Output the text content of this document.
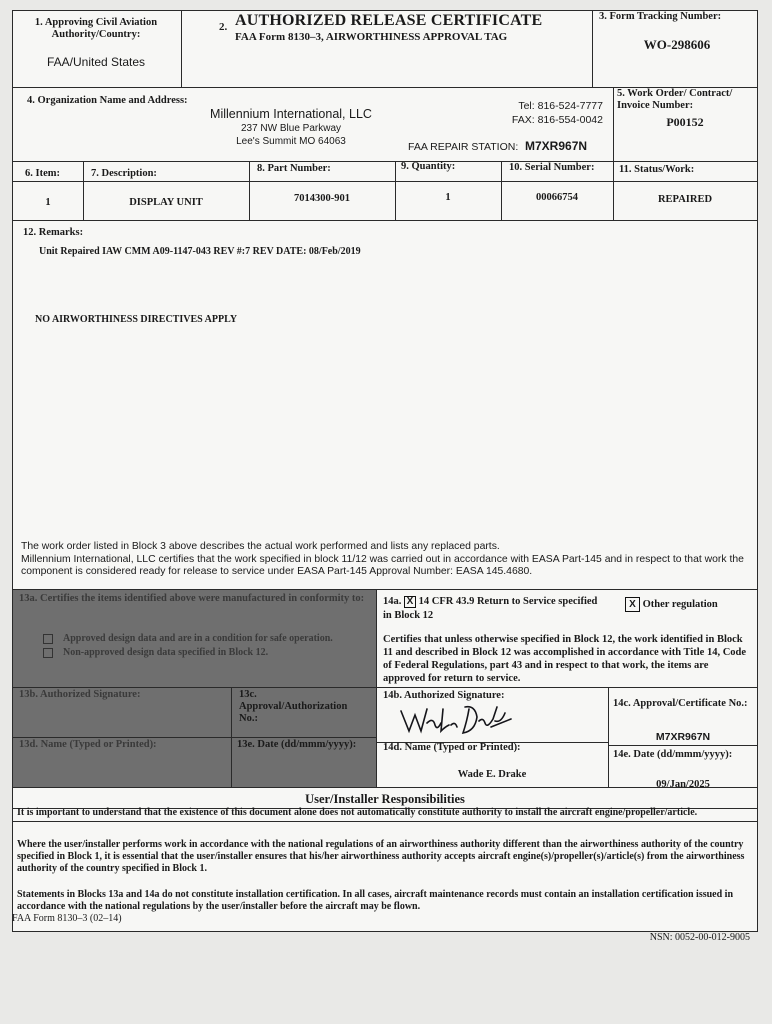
1. Approving Civil Aviation Authority/Country:
FAA/United States
2. AUTHORIZED RELEASE CERTIFICATE
FAA Form 8130–3, AIRWORTHINESS APPROVAL TAG
3. Form Tracking Number:
WO-298606
4. Organization Name and Address:
Millennium International, LLC
237 NW Blue Parkway
Lee's Summit MO 64063
Tel: 816-524-7777
FAX: 816-554-0042
FAA REPAIR STATION: M7XR967N
5. Work Order/ Contract/ Invoice Number:
P00152
6. Item:	7. Description:	8. Part Number:	9. Quantity:	10. Serial Number: 11. Status/Work:
1	DISPLAY UNIT	7014300-901	1	00066754	REPAIRED
12. Remarks:
Unit Repaired IAW CMM A09-1147-043 REV #:7 REV DATE: 08/Feb/2019
NO AIRWORTHINESS DIRECTIVES APPLY
The work order listed in Block 3 above describes the actual work performed and lists any replaced parts.
Millennium International, LLC certifies that the work specified in block 11/12 was carried out in accordance with EASA Part-145 and in respect to that work the component is considered ready for release to service under EASA Part-145 Approval Number: EASA 145.4680.
13a. Certifies the items identified above were manufactured in conformity to:
Approved design data and are in a condition for safe operation.
Non-approved design data specified in Block 12.
13b. Authorized Signature:	13c. Approval/Authorization No.:
13d. Name (Typed or Printed):	13e. Date (dd/mmm/yyyy):
14a. X 14 CFR 43.9 Return to Service specified in Block 12
X Other regulation
Certifies that unless otherwise specified in Block 12, the work identified in Block 11 and described in Block 12 was accomplished in accordance with Title 14, Code of Federal Regulations, part 43 and in respect to that work, the items are approved for return to service.
14b. Authorized Signature:
14c. Approval/Certificate No.:
M7XR967N
14d. Name (Typed or Printed):
Wade E. Drake
14e. Date (dd/mmm/yyyy):
09/Jan/2025
User/Installer Responsibilities
It is important to understand that the existence of this document alone does not automatically constitute authority to install the aircraft engine/propeller/article.
Where the user/installer performs work in accordance with the national regulations of an airworthiness authority different than the airworthiness authority of the country specified in Block 1, it is essential that the user/installer ensures that his/her airworthiness authority accepts aircraft engine(s)/propeller(s)/article(s) from the airworthiness authority of the country specified in Block 1.
Statements in Blocks 13a and 14a do not constitute installation certification. In all cases, aircraft maintenance records must contain an installation certification issued in accordance with the national regulations by the user/installer before the aircraft may be flown.
FAA Form 8130–3 (02–14)
NSN: 0052-00-012-9005
